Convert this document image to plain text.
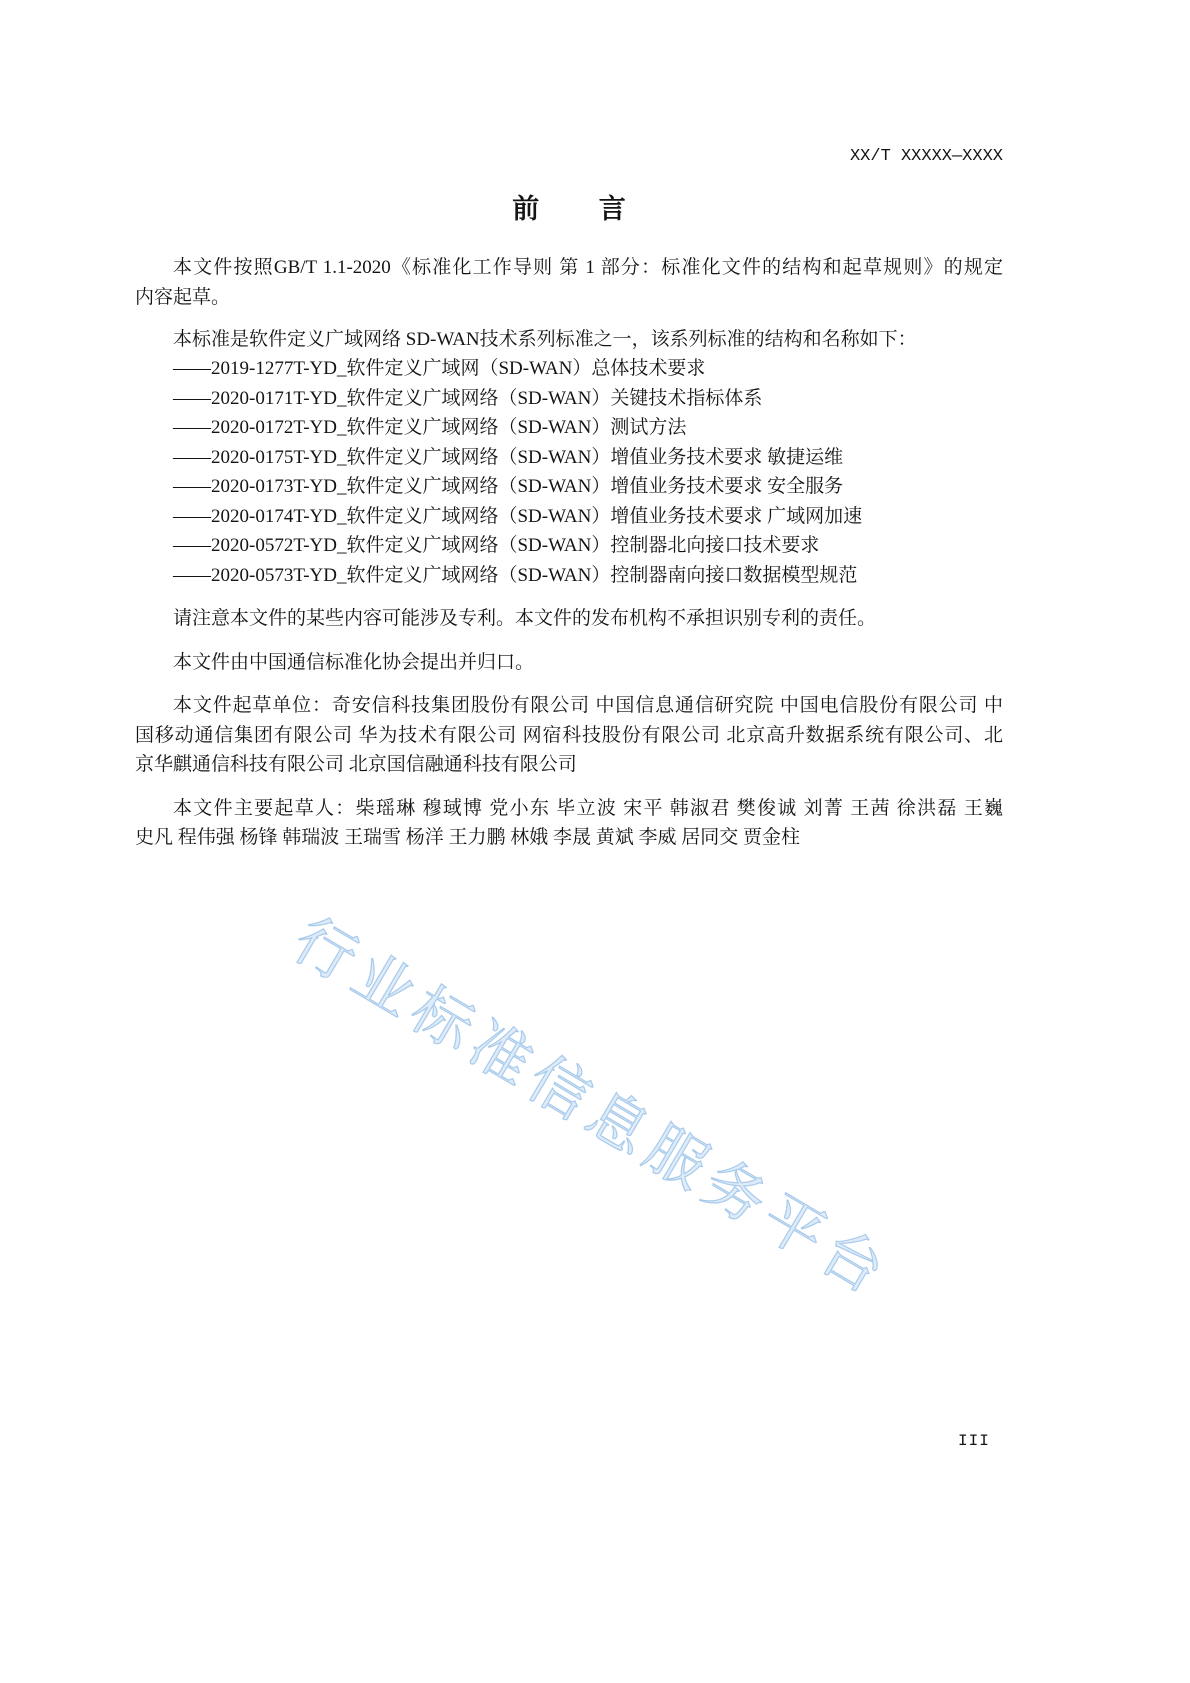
XX/T XXXXX—XXXX
前 言
本文件按照GB/T 1.1-2020《标准化工作导则 第 1 部分：标准化文件的结构和起草规则》的规定
内容起草。
本标准是软件定义广域网络 SD-WAN技术系列标准之一，该系列标准的结构和名称如下：
——2019-1277T-YD_软件定义广域网（SD-WAN）总体技术要求
——2020-0171T-YD_软件定义广域网络（SD-WAN）关键技术指标体系
——2020-0172T-YD_软件定义广域网络（SD-WAN）测试方法
——2020-0175T-YD_软件定义广域网络（SD-WAN）增值业务技术要求 敏捷运维
——2020-0173T-YD_软件定义广域网络（SD-WAN）增值业务技术要求 安全服务
——2020-0174T-YD_软件定义广域网络（SD-WAN）增值业务技术要求 广域网加速
——2020-0572T-YD_软件定义广域网络（SD-WAN）控制器北向接口技术要求
——2020-0573T-YD_软件定义广域网络（SD-WAN）控制器南向接口数据模型规范
请注意本文件的某些内容可能涉及专利。本文件的发布机构不承担识别专利的责任。
本文件由中国通信标准化协会提出并归口。
本文件起草单位：奇安信科技集团股份有限公司 中国信息通信研究院 中国电信股份有限公司 中
国移动通信集团有限公司 华为技术有限公司 网宿科技股份有限公司 北京高升数据系统有限公司、北
京华麒通信科技有限公司 北京国信融通科技有限公司
本文件主要起草人：柴瑶琳 穆琙博 党小东 毕立波 宋平 韩淑君 樊俊诚 刘菁 王茜 徐洪磊 王巍
史凡 程伟强 杨锋 韩瑞波 王瑞雪 杨洋 王力鹏 林娥 李晟 黄斌 李威 居同交 贾金柱
行业标准信息服务平台
III
